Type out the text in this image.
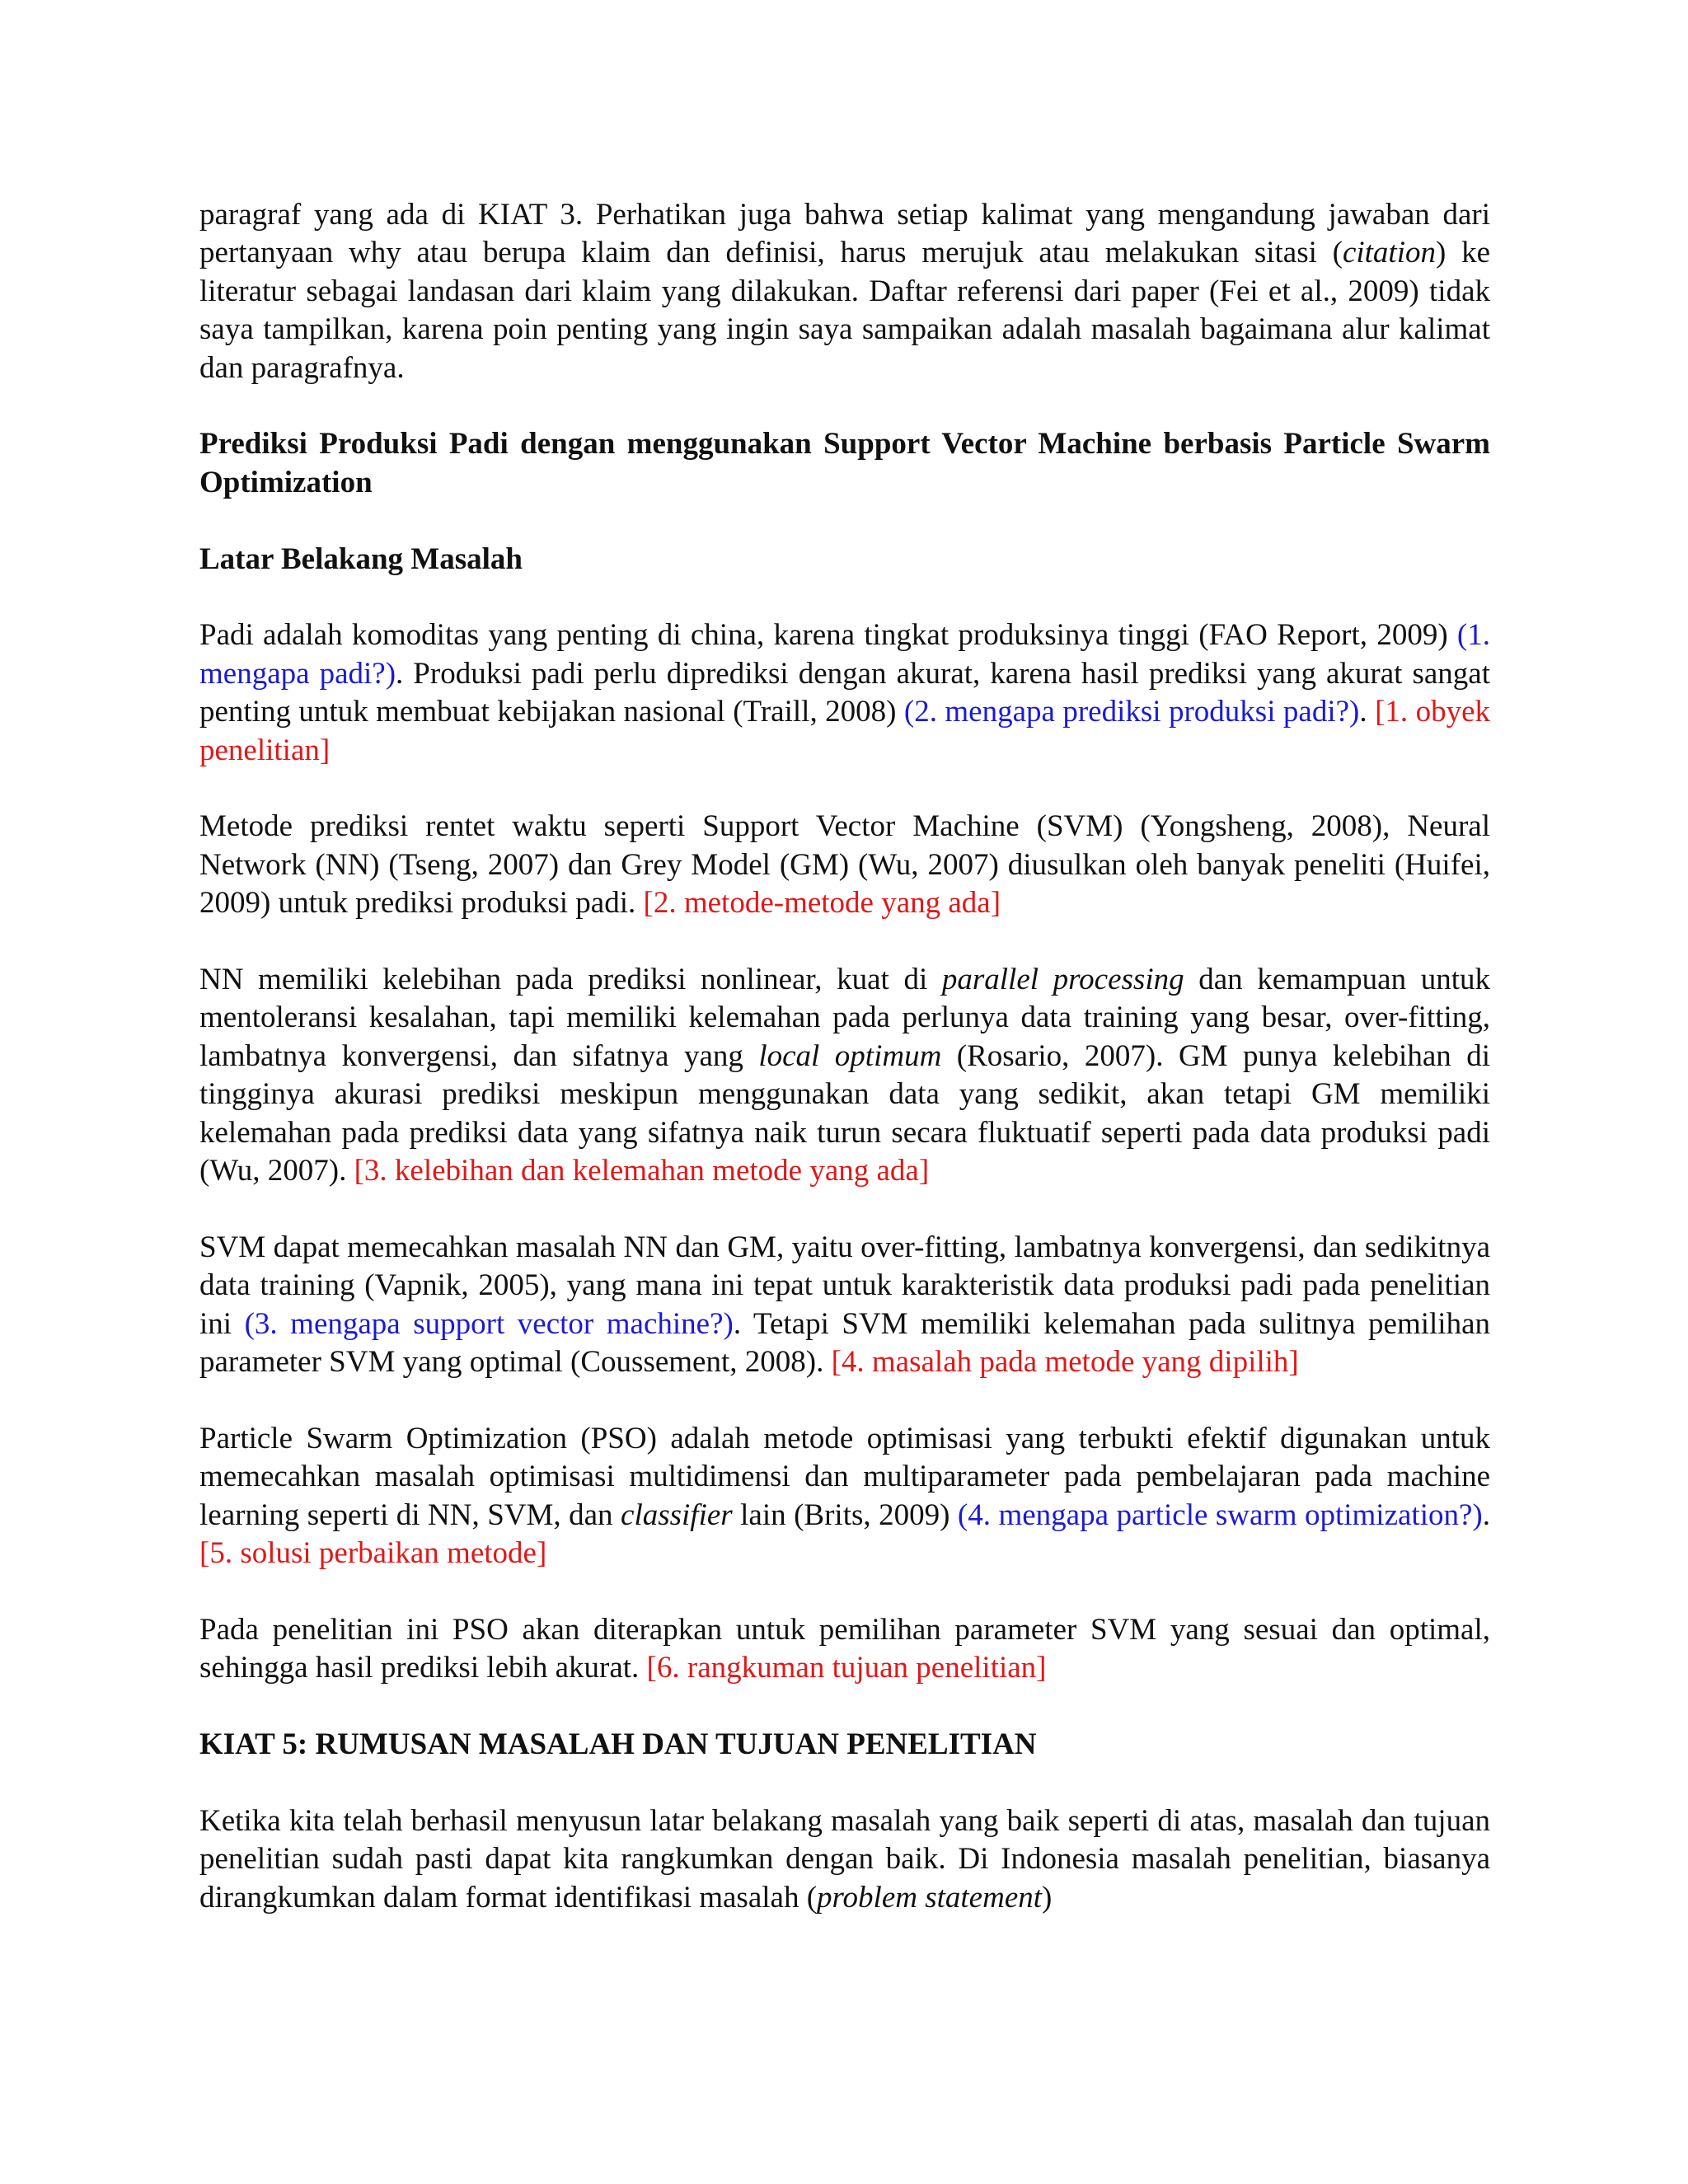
paragraf yang ada di KIAT 3. Perhatikan juga bahwa setiap kalimat yang mengandung jawaban dari pertanyaan why atau berupa klaim dan definisi, harus merujuk atau melakukan sitasi (citation) ke literatur sebagai landasan dari klaim yang dilakukan. Daftar referensi dari paper (Fei et al., 2009) tidak saya tampilkan, karena poin penting yang ingin saya sampaikan adalah masalah bagaimana alur kalimat dan paragrafnya.

Prediksi Produksi Padi dengan menggunakan Support Vector Machine berbasis Particle Swarm Optimization
Latar Belakang Masalah

Padi adalah komoditas yang penting di china, karena tingkat produksinya tinggi (FAO Report, 2009) (1. mengapa padi?). Produksi padi perlu diprediksi dengan akurat, karena hasil prediksi yang akurat sangat penting untuk membuat kebijakan nasional (Traill, 2008) (2. mengapa prediksi produksi padi?). [1. obyek penelitian]

Metode prediksi rentet waktu seperti Support Vector Machine (SVM) (Yongsheng, 2008), Neural Network (NN) (Tseng, 2007) dan Grey Model (GM) (Wu, 2007) diusulkan oleh banyak peneliti (Huifei, 2009) untuk prediksi produksi padi. [2. metode-metode yang ada]

NN memiliki kelebihan pada prediksi nonlinear, kuat di parallel processing dan kemampuan untuk mentoleransi kesalahan, tapi memiliki kelemahan pada perlunya data training yang besar, over-fitting, lambatnya konvergensi, dan sifatnya yang local optimum (Rosario, 2007). GM punya kelebihan di tingginya akurasi prediksi meskipun menggunakan data yang sedikit, akan tetapi GM memiliki kelemahan pada prediksi data yang sifatnya naik turun secara fluktuatif seperti pada data produksi padi (Wu, 2007). [3. kelebihan dan kelemahan metode yang ada]

SVM dapat memecahkan masalah NN dan GM, yaitu over-fitting, lambatnya konvergensi, dan sedikitnya data training (Vapnik, 2005), yang mana ini tepat untuk karakteristik data produksi padi pada penelitian ini (3. mengapa support vector machine?). Tetapi SVM memiliki kelemahan pada sulitnya pemilihan parameter SVM yang optimal (Coussement, 2008). [4. masalah pada metode yang dipilih]

Particle Swarm Optimization (PSO) adalah metode optimisasi yang terbukti efektif digunakan untuk memecahkan masalah optimisasi multidimensi dan multiparameter pada pembelajaran pada machine learning seperti di NN, SVM, dan classifier lain (Brits, 2009) (4. mengapa particle swarm optimization?). [5. solusi perbaikan metode]

Pada penelitian ini PSO akan diterapkan untuk pemilihan parameter SVM yang sesuai dan optimal, sehingga hasil prediksi lebih akurat. [6. rangkuman tujuan penelitian]

KIAT 5: RUMUSAN MASALAH DAN TUJUAN PENELITIAN

Ketika kita telah berhasil menyusun latar belakang masalah yang baik seperti di atas, masalah dan tujuan penelitian sudah pasti dapat kita rangkumkan dengan baik. Di Indonesia masalah penelitian, biasanya dirangkumkan dalam format identifikasi masalah (problem statement)
